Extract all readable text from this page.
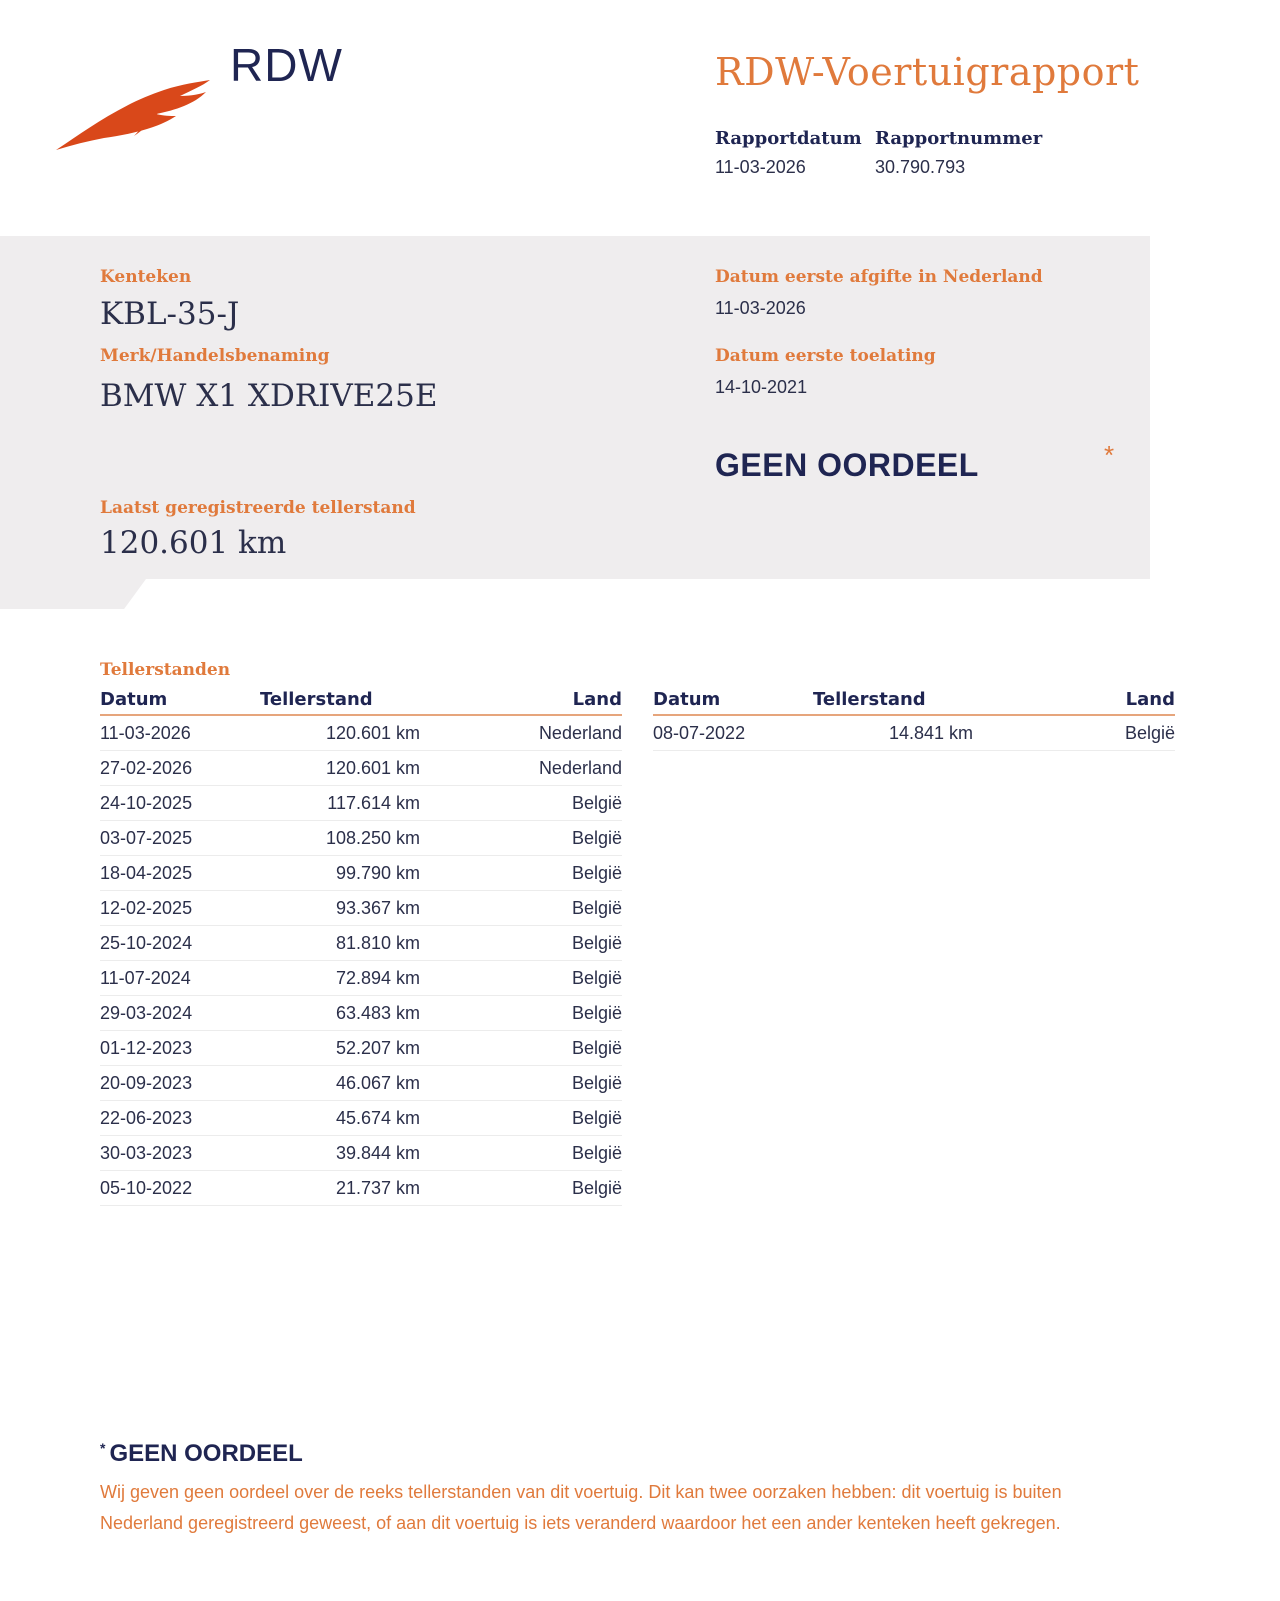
RDW	RDW-Voertuigrapport
Rapportdatum
11-03-2026
Rapportnummer
30.790.793
Kenteken
KBL-35-J
Merk/Handelsbenaming
BMW X1 XDRIVE25E
Laatst geregistreerde tellerstand
120.601 km
Datum eerste afgifte in Nederland
11-03-2026
Datum eerste toelating
14-10-2021
GEEN OORDEEL	*
Tellerstanden
Datum	Tellerstand	Land
11-03-2026	120.601 km	Nederland
27-02-2026	120.601 km	Nederland
24-10-2025	117.614 km	België
03-07-2025	108.250 km	België
18-04-2025	99.790 km	België
12-02-2025	93.367 km	België
25-10-2024	81.810 km	België
11-07-2024	72.894 km	België
29-03-2024	63.483 km	België
01-12-2023	52.207 km	België
20-09-2023	46.067 km	België
22-06-2023	45.674 km	België
30-03-2023	39.844 km	België
05-10-2022	21.737 km	België
Datum	Tellerstand	Land
08-07-2022	14.841 km	België
* GEEN OORDEEL
Wij geven geen oordeel over de reeks tellerstanden van dit voertuig. Dit kan twee oorzaken hebben: dit voertuig is buiten Nederland geregistreerd geweest, of aan dit voertuig is iets veranderd waardoor het een ander kenteken heeft gekregen.
